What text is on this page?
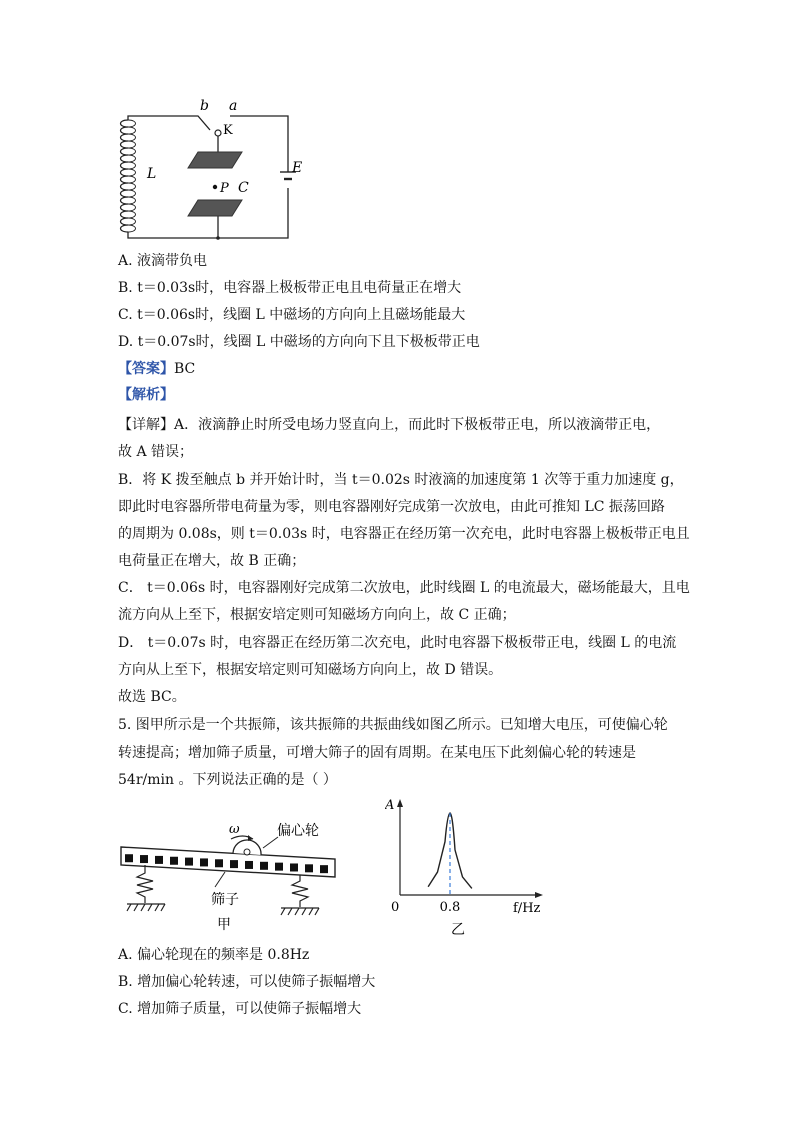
b a
K
L	E
P C
A. 液滴带负电
B. t＝0.03s时，电容器上极板带正电且电荷量正在增大
C. t＝0.06s时，线圈 L 中磁场的方向向上且磁场能最大
D. t＝0.07s时，线圈 L 中磁场的方向向下且下极板带正电
【答案】BC
【解析】
【详解】A．液滴静止时所受电场力竖直向上，而此时下极板带正电，所以液滴带正电，
故 A 错误；
B．将 K 拨至触点 b 并开始计时，当 t＝0.02s 时液滴的加速度第 1 次等于重力加速度 g，
即此时电容器所带电荷量为零，则电容器刚好完成第一次放电，由此可推知 LC 振荡回路
的周期为 0.08s，则 t＝0.03s 时，电容器正在经历第一次充电，此时电容器上极板带正电且
电荷量正在增大，故 B 正确；
C． t＝0.06s 时，电容器刚好完成第二次放电，此时线圈 L 的电流最大，磁场能最大，且电
流方向从上至下，根据安培定则可知磁场方向向上，故 C 正确；
D． t＝0.07s 时，电容器正在经历第二次充电，此时电容器下极板带正电，线圈 L 的电流
方向从上至下，根据安培定则可知磁场方向向上，故 D 错误。
故选 BC。
5. 图甲所示是一个共振筛，该共振筛的共振曲线如图乙所示。已知增大电压，可使偏心轮
转速提高；增加筛子质量，可增大筛子的固有周期。在某电压下此刻偏心轮的转速是
54r/min 。下列说法正确的是（ ）
ω	偏心轮
筛子
甲
A
0	0.8	f/Hz
乙
A. 偏心轮现在的频率是 0.8Hz
B. 增加偏心轮转速，可以使筛子振幅增大
C. 增加筛子质量，可以使筛子振幅增大
